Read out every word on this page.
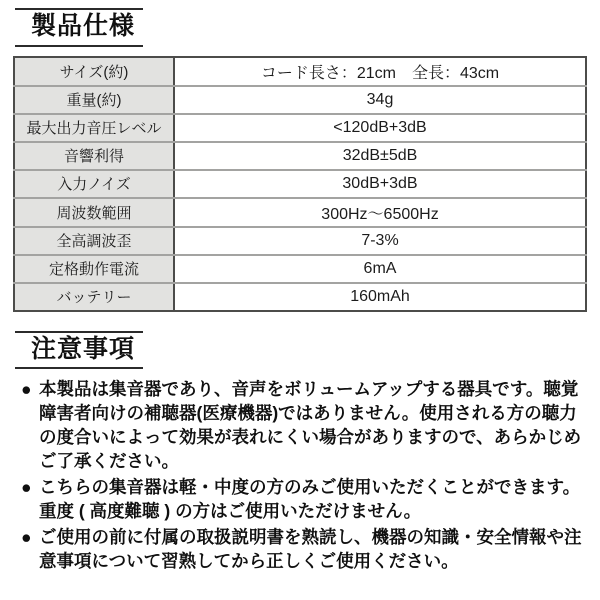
製品仕様
サイズ(約)	コード長さ：21cm　全長：43cm
重量(約)	34g
最大出力音圧レベル	<120dB+3dB
音響利得	32dB±5dB
入力ノイズ	30dB+3dB
周波数範囲	300Hz～6500Hz
全高調波歪	7-3%
定格動作電流	6mA
バッテリー	160mAh
注意事項
● 本製品は集音器であり、音声をボリュームアップする器具です。聴覚障害者向けの補聴器(医療機器)ではありません。使用される方の聴力の度合いによって効果が表れにくい場合がありますので、あらかじめご了承ください。
● こちらの集音器は軽・中度の方のみご使用いただくことができます。重度 ( 高度難聴 ) の方はご使用いただけません。
● ご使用の前に付属の取扱説明書を熟読し、機器の知識・安全情報や注意事項について習熟してから正しくご使用ください。
